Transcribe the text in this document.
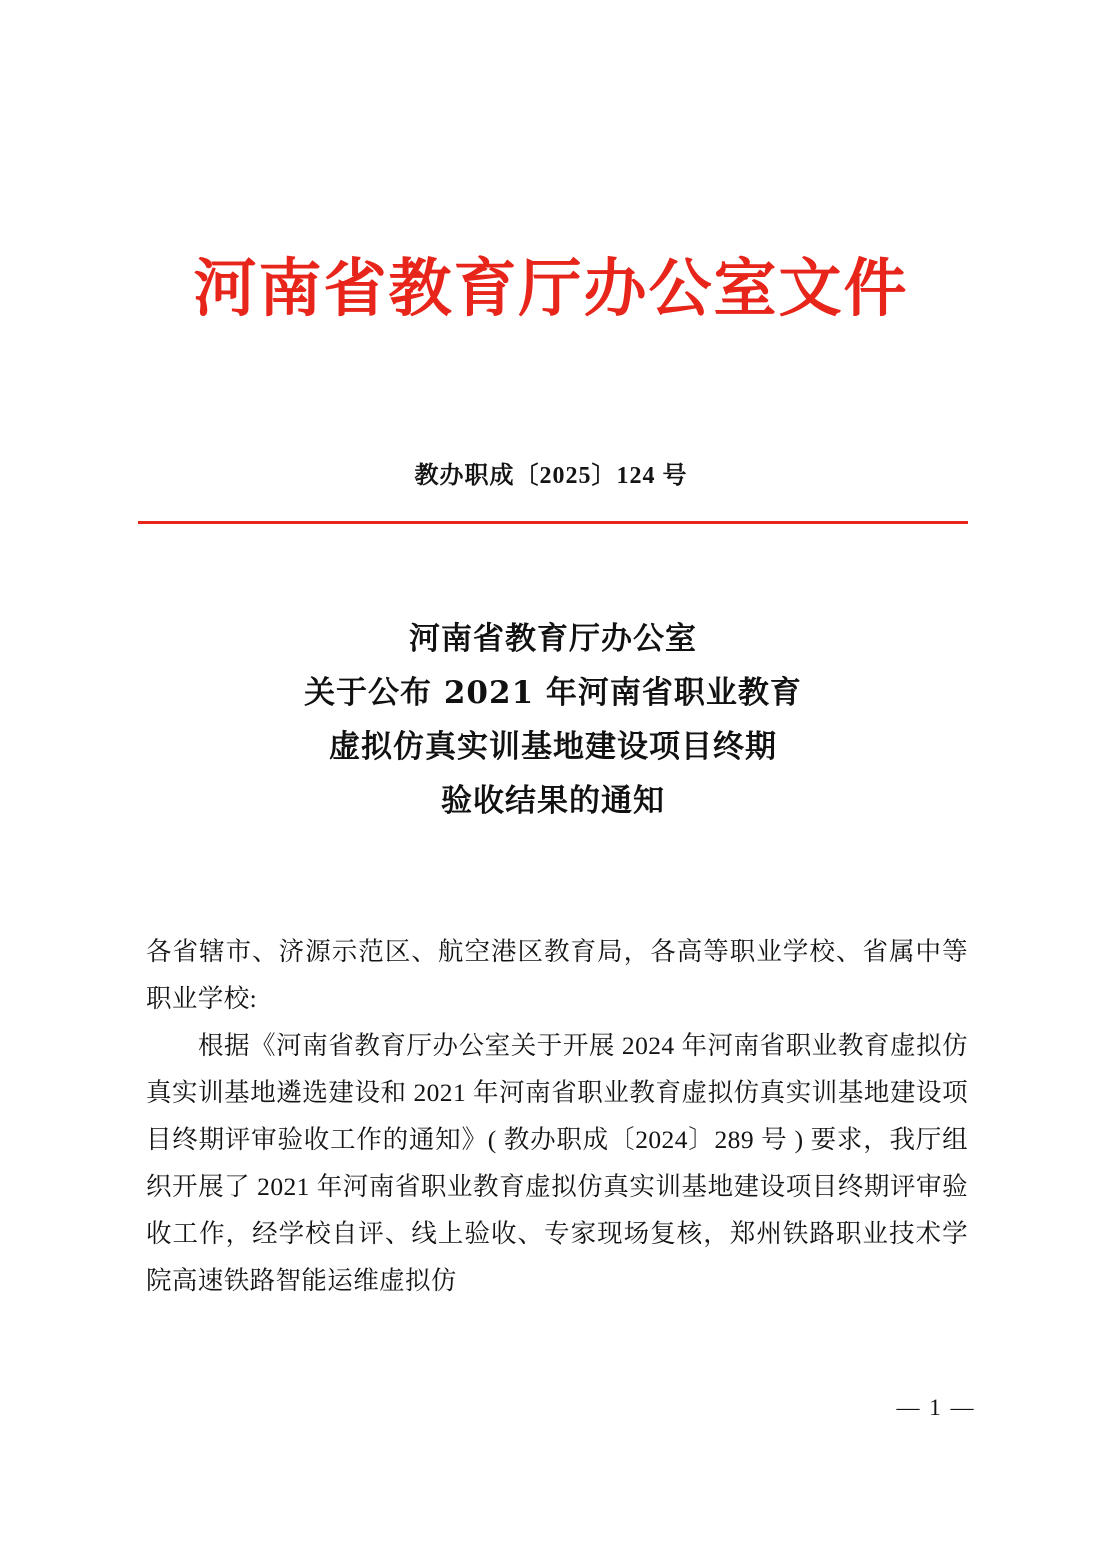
河南省教育厅办公室文件
教办职成〔2025〕124 号
河南省教育厅办公室
关于公布 2021 年河南省职业教育
虚拟仿真实训基地建设项目终期
验收结果的通知

各省辖市、济源示范区、航空港区教育局，各高等职业学校、省属中等职业学校:

根据《河南省教育厅办公室关于开展 2024 年河南省职业教育虚拟仿真实训基地遴选建设和 2021 年河南省职业教育虚拟仿真实训基地建设项目终期评审验收工作的通知》( 教办职成〔2024〕289 号 ) 要求，我厅组织开展了 2021 年河南省职业教育虚拟仿真实训基地建设项目终期评审验收工作，经学校自评、线上验收、专家现场复核，郑州铁路职业技术学院高速铁路智能运维虚拟仿

— 1 —
